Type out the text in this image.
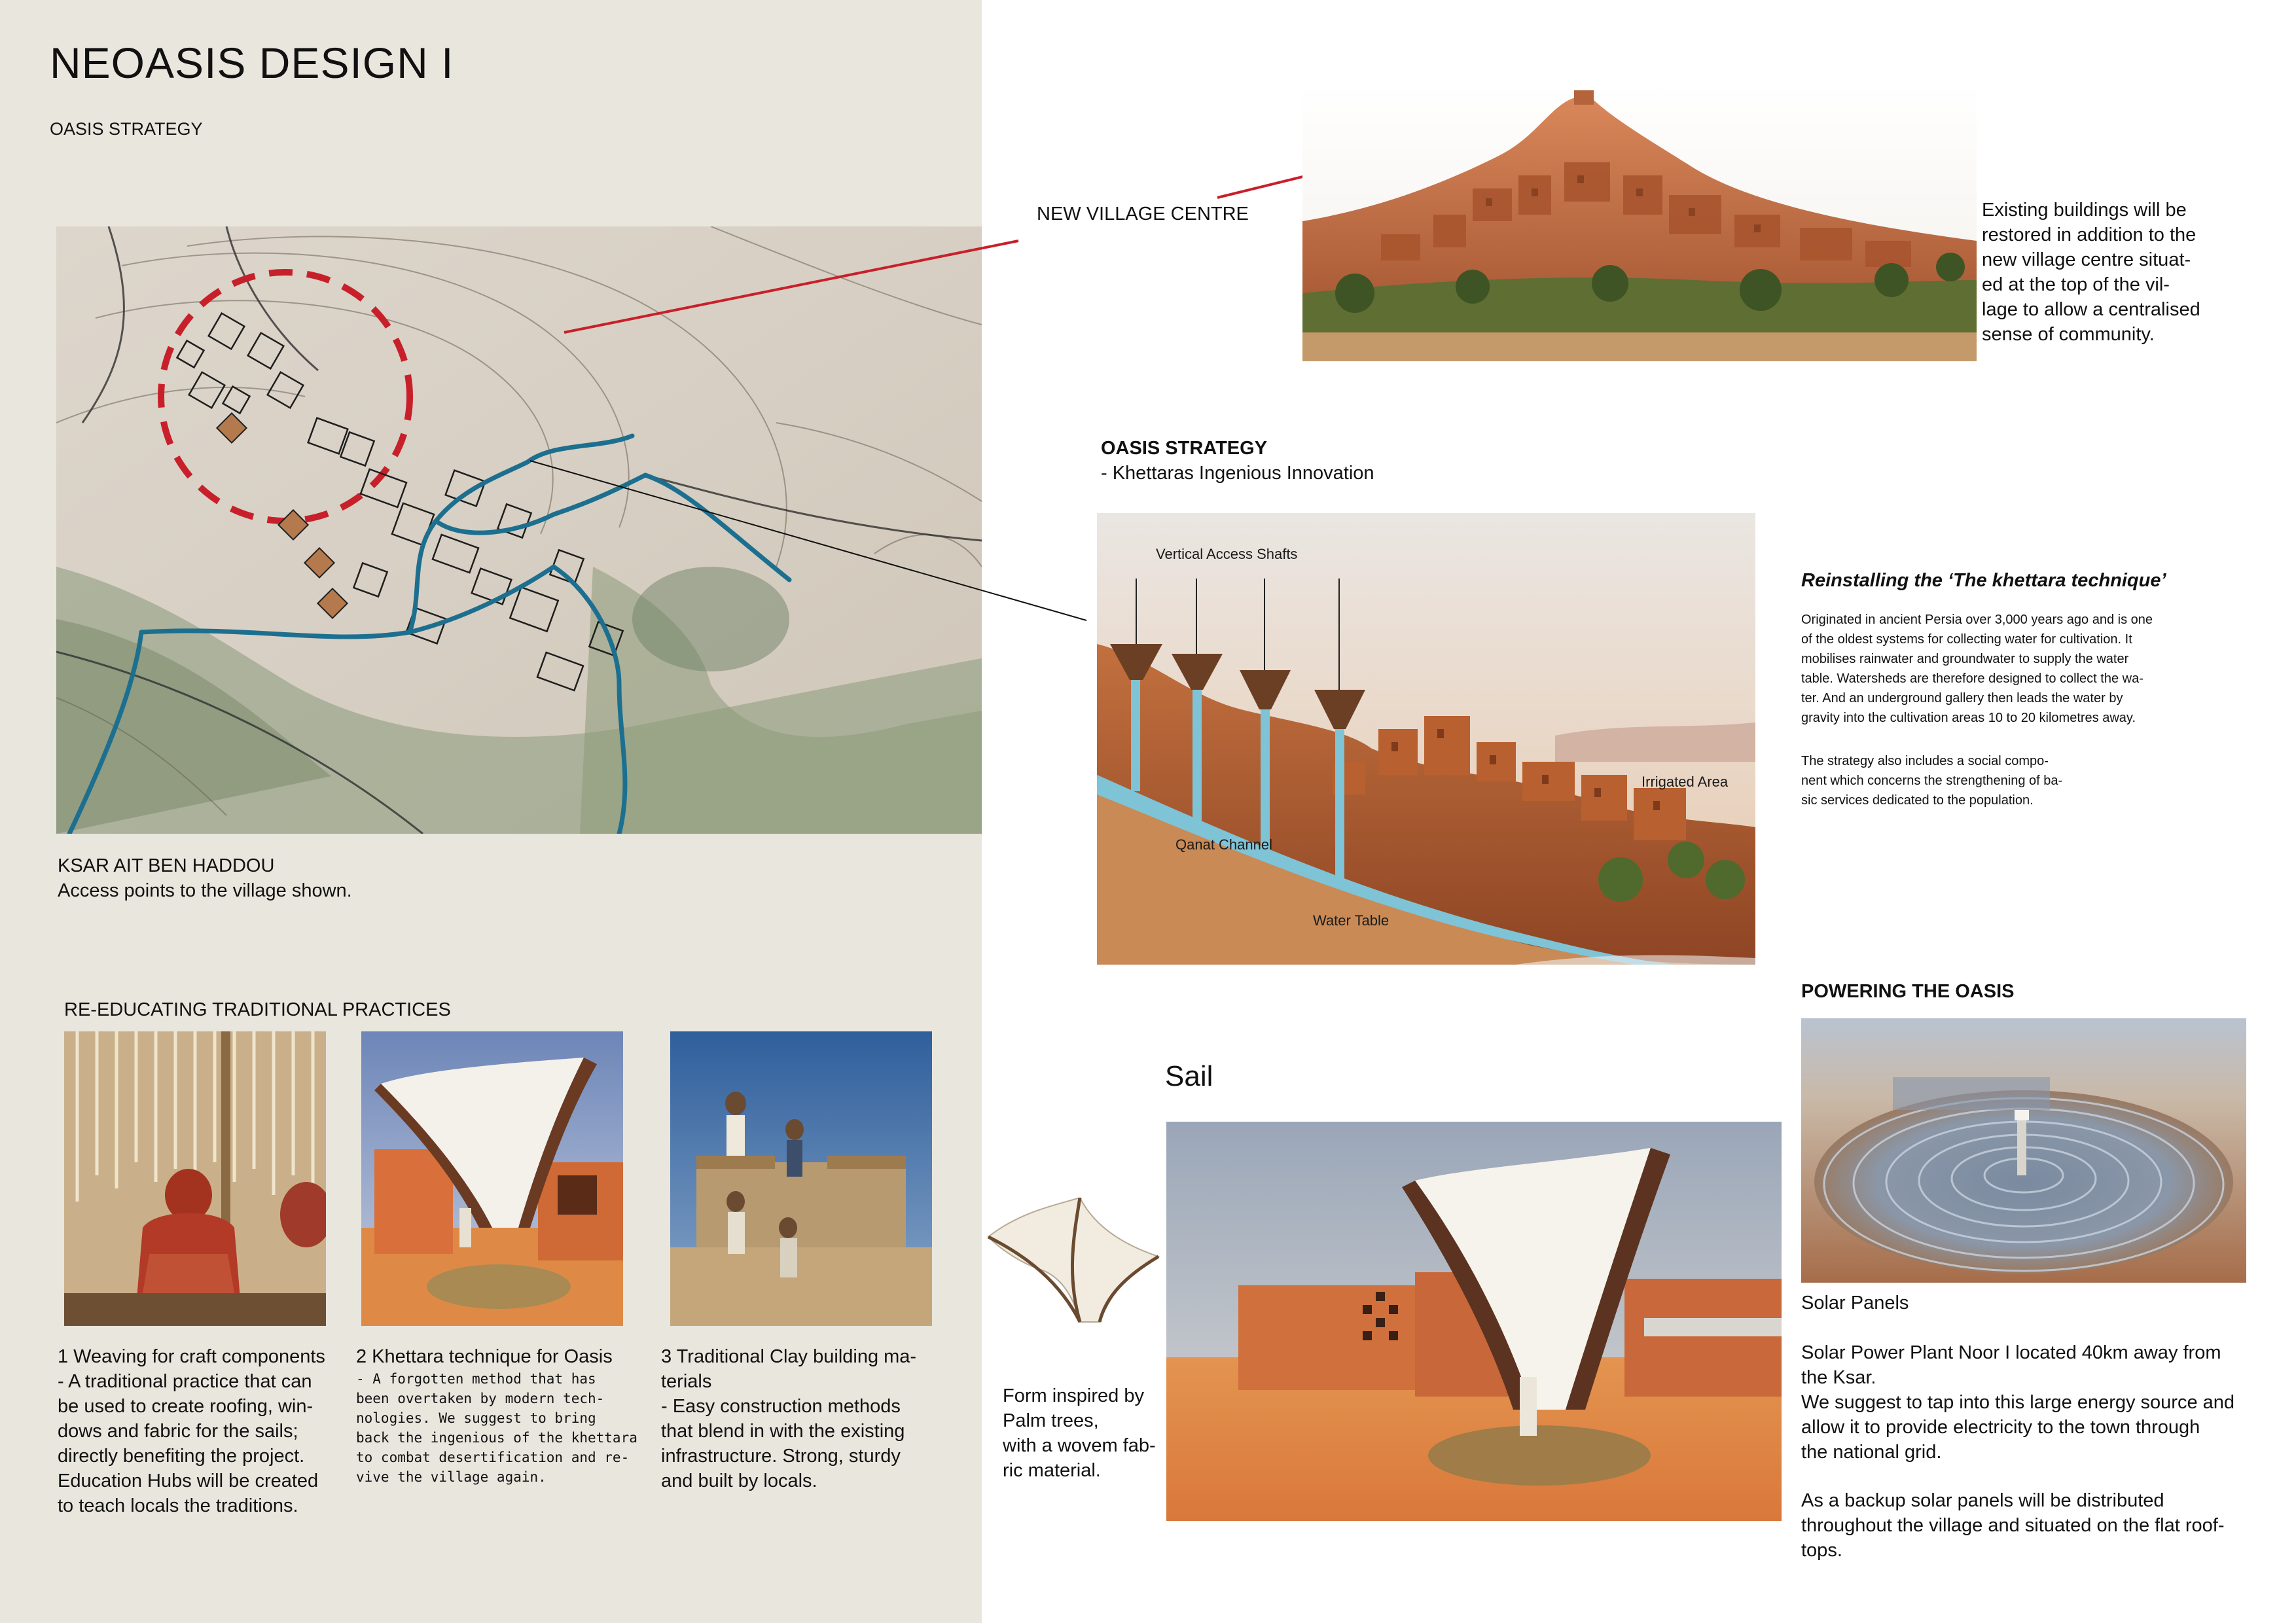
NEOASIS DESIGN I
OASIS STRATEGY
KSAR AIT BEN HADDOU
Access points to the village shown.
NEW VILLAGE CENTRE	Existing buildings will be
restored in addition to the
new village centre situat-
ed at the top of the vil-
lage to allow a centralised
sense of community.
OASIS STRATEGY
- Khettaras Ingenious Innovation
Vertical Access Shafts
Irrigated Area
Qanat Channel
Water Table
Reinstalling the ‘The khettara technique’
Originated in ancient Persia over 3,000 years ago and is one
of the oldest systems for collecting water for cultivation. It
mobilises rainwater and groundwater to supply the water
table. Watersheds are therefore designed to collect the wa-
ter. And an underground gallery then leads the water by
gravity into the cultivation areas 10 to 20 kilometres away.
The strategy also includes a social compo-
nent which concerns the strengthening of ba-
sic services dedicated to the population.
RE-EDUCATING TRADITIONAL PRACTICES
1 Weaving for craft components
- A traditional practice that can
be used to create roofing, win-
dows and fabric for the sails;
directly benefiting the project.
Education Hubs will be created
to teach locals the traditions.
2 Khettara technique for Oasis
- A forgotten method that has
been overtaken by modern tech-
nologies. We suggest to bring
back the ingenious of the khettara
to combat desertification and re-
vive the village again.
3 Traditional Clay building ma-
terials
- Easy construction methods
that blend in with the existing
infrastructure. Strong, sturdy
and built by locals.
Sail
Form inspired by
Palm trees,
with a wovem fab-
ric material.
POWERING THE OASIS
Solar Panels
Solar Power Plant Noor I located 40km away from
the Ksar.
We suggest to tap into this large energy source and
allow it to provide electricity to the town through
the national grid.
As a backup solar panels will be distributed
throughout the village and situated on the flat roof-
tops.
